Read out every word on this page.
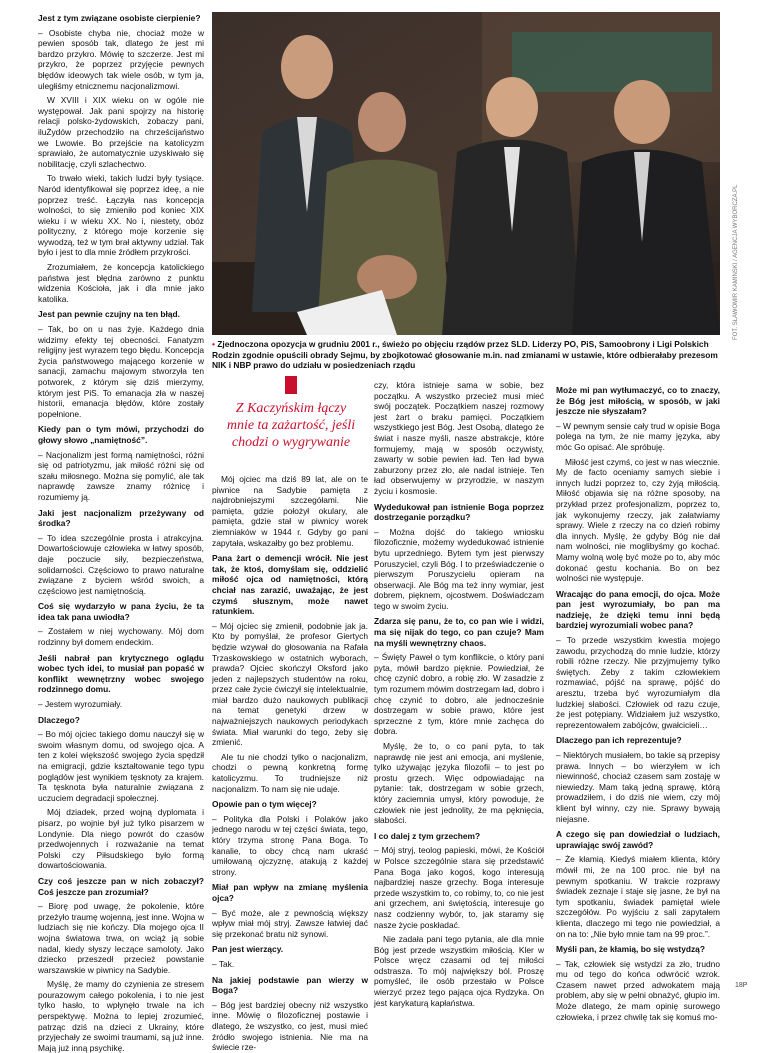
FOT. SŁAWOMIR KAMIŃSKI / AGENCJA WYBORCZA.PL
• Zjednoczona opozycja w grudniu 2001 r., świeżo po objęciu rządów przez SLD. Liderzy PO, PiS, Samoobrony i Ligi Polskich Rodzin zgodnie opuścili obrady Sejmu, by zbojkotować głosowanie m.in. nad zmianami w ustawie, które odbierałaby prezesom NIK i NBP prawo do udziału w posiedzeniach rządu
Z Kaczyńskim łączy mnie ta zażartość, jeśli chodzi o wygrywanie

Jest z tym związane osobiste cierpienie?

– Osobiste chyba nie, chociaż może w pewien sposób tak, dlatego że jest mi bardzo przykro. Mówię to szczerze. Jest mi przykro, że poprzez przyjęcie pewnych błędów ideowych tak wiele osób, w tym ja, uległiśmy etnicznemu nacjonalizmowi.

W XVIII i XIX wieku on w ogóle nie występował. Jak pani spojrzy na historię relacji polsko-żydowskich, zobaczy pani, iluŻydów przechodziło na chrześcijaństwo we Lwowie. Bo przejście na katolicyzm sprawiało, że automatycznie uzyskiwało się nobilitację, czyli szlachectwo.

To trwało wieki, takich ludzi były tysiące. Naród identyfikował się poprzez ideę, a nie poprzez treść. Łączyła nas koncepcja wolności, to się zmieniło pod koniec XIX wieku i w wieku XX. No i, niestety, obóz polityczny, z którego moje korzenie się wywodzą, też w tym brał aktywny udział. Tak było i jest to dla mnie źródłem przykrości.

Zrozumiałem, że koncepcja katolickiego państwa jest błędna zarówno z punktu widzenia Kościoła, jak i dla mnie jako katolika.

Jest pan pewnie czujny na ten błąd.

– Tak, bo on u nas żyje. Każdego dnia widzimy efekty tej obecności. Fanatyzm religijny jest wyrazem tego błędu. Koncepcja życia państwowego mającego korzenie w sanacji, zamachu majowym stworzyła ten potworek, z którym się dziś mierzymy, którym jest PiS. To emanacja zła w naszej historii, emanacja błędów, które zostały popełnione.

Kiedy pan o tym mówi, przychodzi do głowy słowo „namiętność”.

– Nacjonalizm jest formą namiętności, różni się od patriotyzmu, jak miłość różni się od szału miłosnego. Można się pomylić, ale tak naprawdę zawsze znamy różnicę i rozumiemy ją.

Jaki jest nacjonalizm przeżywany od środka?

– To idea szczególnie prosta i atrakcyjna. Dowartościowuje człowieka w łatwy sposób, daje poczucie siły, bezpieczeństwa, solidarności. Częściowo to prawo naturalne związane z byciem wśród swoich, a częściowo jest namiętnością.

Coś się wydarzyło w pana życiu, że ta idea tak pana uwiodła?

– Zostałem w niej wychowany. Mój dom rodzinny był domem endeckim.

Jeśli nabrał pan krytycznego oglądu wobec tych idei, to musiał pan popaść w konflikt wewnętrzny wobec swojego rodzinnego domu.

– Jestem wyrozumiały.

Dlaczego?

– Bo mój ojciec takiego domu nauczył się w swoim własnym domu, od swojego ojca. A ten z kolei większość swojego życia spędził na emigracji, gdzie kształtowanie tego typu poglądów jest wynikiem tęsknoty za krajem. Ta tęsknota była naturalnie związana z uczuciem degradacji społecznej.

Mój dziadek, przed wojną dyplomata i pisarz, po wojnie był już tylko pisarzem w Londynie. Dla niego powrót do czasów przedwojennych i rozważanie na temat Polski czy Piłsudskiego było formą dowartościowania.

Czy coś jeszcze pan w nich zobaczył? Coś jeszcze pan zrozumiał?

– Biorę pod uwagę, że pokolenie, które przeżyło traumę wojenną, jest inne. Wojna w ludziach się nie kończy. Dla mojego ojca II wojna światowa trwa, on wciąż ją sobie nadal, kiedy słyszy leczące samoloty. Jako dziecko przeszedł przecież powstanie warszawskie w piwnicy na Sadybie.

Myślę, że mamy do czynienia ze stresem pourazowym całego pokolenia, i to nie jest tylko hasło, to wpłynęło trwale na ich perspektywę. Można to lepiej zrozumieć, patrząc dziś na dzieci z Ukrainy, które przyjechały ze swoimi traumami, są już inne. Mają już inną psychikę.

Mój ojciec ma dziś 89 lat, ale on te piwnice na Sadybie pamięta z najdrobniejszymi szczegółami. Nie pamięta, gdzie położył okulary, ale pamięta, gdzie stał w piwnicy worek ziemniaków w 1944 r. Gdyby go pani zapytała, wskazałby go bez problemu.

Pana żart o demencji wrócił. Nie jest tak, że ktoś, domyślam się, oddzielić miłość ojca od namiętności, którą chciał nas zarazić, uważając, że jest czymś słusznym, może nawet ratunkiem.

– Mój ojciec się zmienił, podobnie jak ja. Kto by pomyślał, że profesor Giertych będzie wzywał do głosowania na Rafała Trzaskowskiego w ostatnich wyborach, prawda? Ojciec skończył Oksford jako jeden z najlepszych studentów na roku, przez całe życie ćwiczył się intelektualnie, miał bardzo dużo naukowych publikacji na temat genetyki drzew w najważniejszych naukowych periodykach świata. Miał warunki do tego, żeby się zmienić.

Ale tu nie chodzi tylko o nacjonalizm, chodzi o pewną konkretną formę katolicyzmu. To trudniejsze niż nacjonalizm. To nam się nie udaje.

Opowie pan o tym więcej?

– Polityka dla Polski i Polaków jako jednego narodu w tej części świata, tego, który trzyma stronę Pana Boga. To kanalie, to obcy chcą nam ukraść umiłowaną ojczyznę, atakują z każdej strony.

Miał pan wpływ na zmianę myślenia ojca?

– Być może, ale z pewnością większy wpływ miał mój stryj. Zawsze łatwiej dać się przekonać bratu niż synowi.

Pan jest wierzący.

– Tak.

Na jakiej podstawie pan wierzy w Boga?

– Bóg jest bardziej obecny niż wszystko inne. Mówię o filozoficznej postawie i dlatego, że wszystko, co jest, musi mieć źródło swojego istnienia. Nie ma na świecie rze-

czy, która istnieje sama w sobie, bez początku. A wszystko przecież musi mieć swój początek. Początkiem naszej rozmowy jest żart o braku pamięci. Początkiem wszystkiego jest Bóg. Jest Osobą, dlatego że świat i nasze myśli, nasze abstrakcje, które formujemy, mają w sposób oczywisty, zawarty w sobie pewien ład. Ten ład bywa zaburzony przez zło, ale nadal istnieje. Ten ład obserwujemy w przyrodzie, w naszym życiu i kosmosie.

Wydedukował pan istnienie Boga poprzez dostrzeganie porządku?

– Można dojść do takiego wniosku filozoficznie, możemy wydedukować istnienie bytu uprzedniego. Bytem tym jest pierwszy Poruszyciel, czyli Bóg. I to przeświadczenie o pierwszym Poruszycielu opieram na obserwacji. Ale Bóg ma też inny wymiar, jest dobrem, pięknem, ojcostwem. Doświadczam tego w swoim życiu.

Zdarza się panu, że to, co pan wie i widzi, ma się nijak do tego, co pan czuje? Mam na myśli wewnętrzny chaos.

– Święty Paweł o tym konflikcie, o który pani pyta, mówił bardzo pięknie. Powiedział, że chcę czynić dobro, a robię zło. W zasadzie z tym rozumem mówim dostrzegam ład, dobro i chcę czynić to dobro, ale jednocześnie dostrzegam w sobie prawo, które jest sprzeczne z tym, które mnie zachęca do dobra.

Myślę, że to, o co pani pyta, to tak naprawdę nie jest ani emocja, ani myślenie, tylko używając języka filozofii – to jest po prostu grzech. Więc odpowiadając na pytanie: tak, dostrzegam w sobie grzech, który zaciemnia umysł, który powoduje, że człowiek nie jest jednolity, że ma pęknięcia, słabości.

I co dalej z tym grzechem?

– Mój stryj, teolog papieski, mówi, że Kościół w Polsce szczególnie stara się przedstawić Pana Boga jako kogoś, kogo interesują najbardziej nasze grzechy. Boga interesuje przede wszystkim to, co robimy, to, co nie jest ani grzechem, ani świętością, interesuje go nasz codzienny wybór, to, jak staramy się nasze życie poskładać.

Nie zadała pani tego pytania, ale dla mnie Bóg jest przede wszystkim miłością. Kler w Polsce wręcz czasami od tej miłości odstrasza. To mój największy ból. Proszę pomyśleć, ile osób przestało w Polsce wierzyć przez tego pająca ojca Rydzyka. On jest karykaturą kapłaństwa.

Może mi pan wytłumaczyć, co to znaczy, że Bóg jest miłością, w sposób, w jaki jeszcze nie słyszałam?

– W pewnym sensie cały trud w opisie Boga polega na tym, że nie mamy języka, aby móc Go opisać. Ale spróbuję.

Miłość jest czymś, co jest w nas wiecznie. My de facto oceniamy samych siebie i innych ludzi poprzez to, czy żyją miłością. Miłość objawia się na różne sposoby, na przykład przez profesjonalizm, poprzez to, jak wykonujemy rzeczy, jak załatwiamy sprawy. Wiele z rzeczy na co dzień robimy dla innych. Myślę, że gdyby Bóg nie dał nam wolności, nie moglibyśmy go kochać. Mamy wolną wolę być może po to, aby móc dokonać gestu kochania. Bo on bez wolności nie występuje.

Wracając do pana emocji, do ojca. Może pan jest wyrozumiały, bo pan ma nadzieję, że dzięki temu inni będą bardziej wyrozumiali wobec pana?

– To przede wszystkim kwestia mojego zawodu, przychodzą do mnie ludzie, którzy robili różne rzeczy. Nie przyjmujemy tylko świętych. Żeby z takim człowiekiem rozmawiać, pójść na sprawę, pójść do aresztu, trzeba być wyrozumiałym dla ludzkiej słabości. Człowiek od razu czuje, że jest potępiany. Widziałem już wszystko, reprezentowałem zabójców, gwałcicieli…

Dlaczego pan ich reprezentuje?

– Niektórych musiałem, bo takie są przepisy prawa. Innych – bo wierzyłem w ich niewinność, chociaż czasem sam zostaję w niewiedzy. Mam taką jedną sprawę, którą prowadziłem, i do dziś nie wiem, czy mój klient był winny, czy nie. Sprawy bywają niejasne.

A czego się pan dowiedział o ludziach, uprawiając swój zawód?

– Że kłamią. Kiedyś miałem klienta, który mówił mi, że na 100 proc. nie był na pewnym spotkaniu. W trakcie rozprawy świadek zeznaje i staje się jasne, że był na tym spotkaniu, świadek pamiętał wiele szczegółów. Po wyjściu z sali zapytałem klienta, dlaczego mi tego nie powiedział, a on na to: „Nie było mnie tam na 99 proc.”.

Myśli pan, że kłamią, bo się wstydzą?

– Tak, człowiek się wstydzi za zło, trudno mu od tego do końca odwrócić wzrok. Czasem nawet przed adwokatem mają problem, aby się w pełni obnażyć, głupio im. Może dlatego, że mam opinię surowego człowieka, i przez chwilę tak się komuś mo-

18P
